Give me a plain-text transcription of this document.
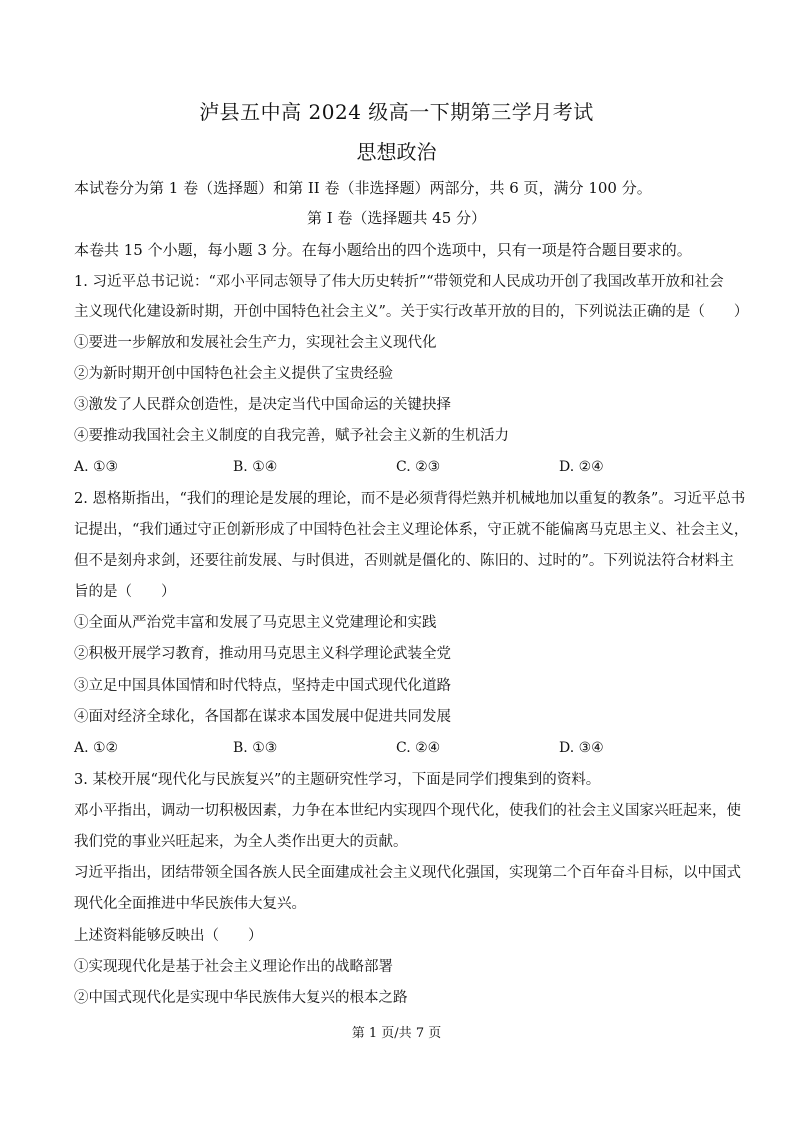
泸县五中高 2024 级高一下期第三学月考试
思想政治
本试卷分为第 1 卷（选择题）和第 II 卷（非选择题）两部分，共 6 页，满分 100 分。
第 I 卷（选择题共 45 分）
本卷共 15 个小题，每小题 3 分。在每小题给出的四个选项中，只有一项是符合题目要求的。
1. 习近平总书记说：“邓小平同志领导了伟大历史转折”“带领党和人民成功开创了我国改革开放和社会
主义现代化建设新时期，开创中国特色社会主义”。关于实行改革开放的目的，下列说法正确的是（　　）
①要进一步解放和发展社会生产力，实现社会主义现代化
②为新时期开创中国特色社会主义提供了宝贵经验
③激发了人民群众创造性，是决定当代中国命运的关键抉择
④要推动我国社会主义制度的自我完善，赋予社会主义新的生机活力
A. ①③	B. ①④	C. ②③	D. ②④
2. 恩格斯指出，“我们的理论是发展的理论，而不是必须背得烂熟并机械地加以重复的教条”。习近平总书
记提出，“我们通过守正创新形成了中国特色社会主义理论体系，守正就不能偏离马克思主义、社会主义，
但不是刻舟求剑，还要往前发展、与时俱进，否则就是僵化的、陈旧的、过时的”。下列说法符合材料主
旨的是（　　）
①全面从严治党丰富和发展了马克思主义党建理论和实践
②积极开展学习教育，推动用马克思主义科学理论武装全党
③立足中国具体国情和时代特点，坚持走中国式现代化道路
④面对经济全球化，各国都在谋求本国发展中促进共同发展
A. ①②	B. ①③	C. ②④	D. ③④
3. 某校开展“现代化与民族复兴”的主题研究性学习，下面是同学们搜集到的资料。
邓小平指出，调动一切积极因素，力争在本世纪内实现四个现代化，使我们的社会主义国家兴旺起来，使
我们党的事业兴旺起来，为全人类作出更大的贡献。
习近平指出，团结带领全国各族人民全面建成社会主义现代化强国，实现第二个百年奋斗目标，以中国式
现代化全面推进中华民族伟大复兴。
上述资料能够反映出（　　）
①实现现代化是基于社会主义理论作出的战略部署
②中国式现代化是实现中华民族伟大复兴的根本之路
第 1 页/共 7 页
